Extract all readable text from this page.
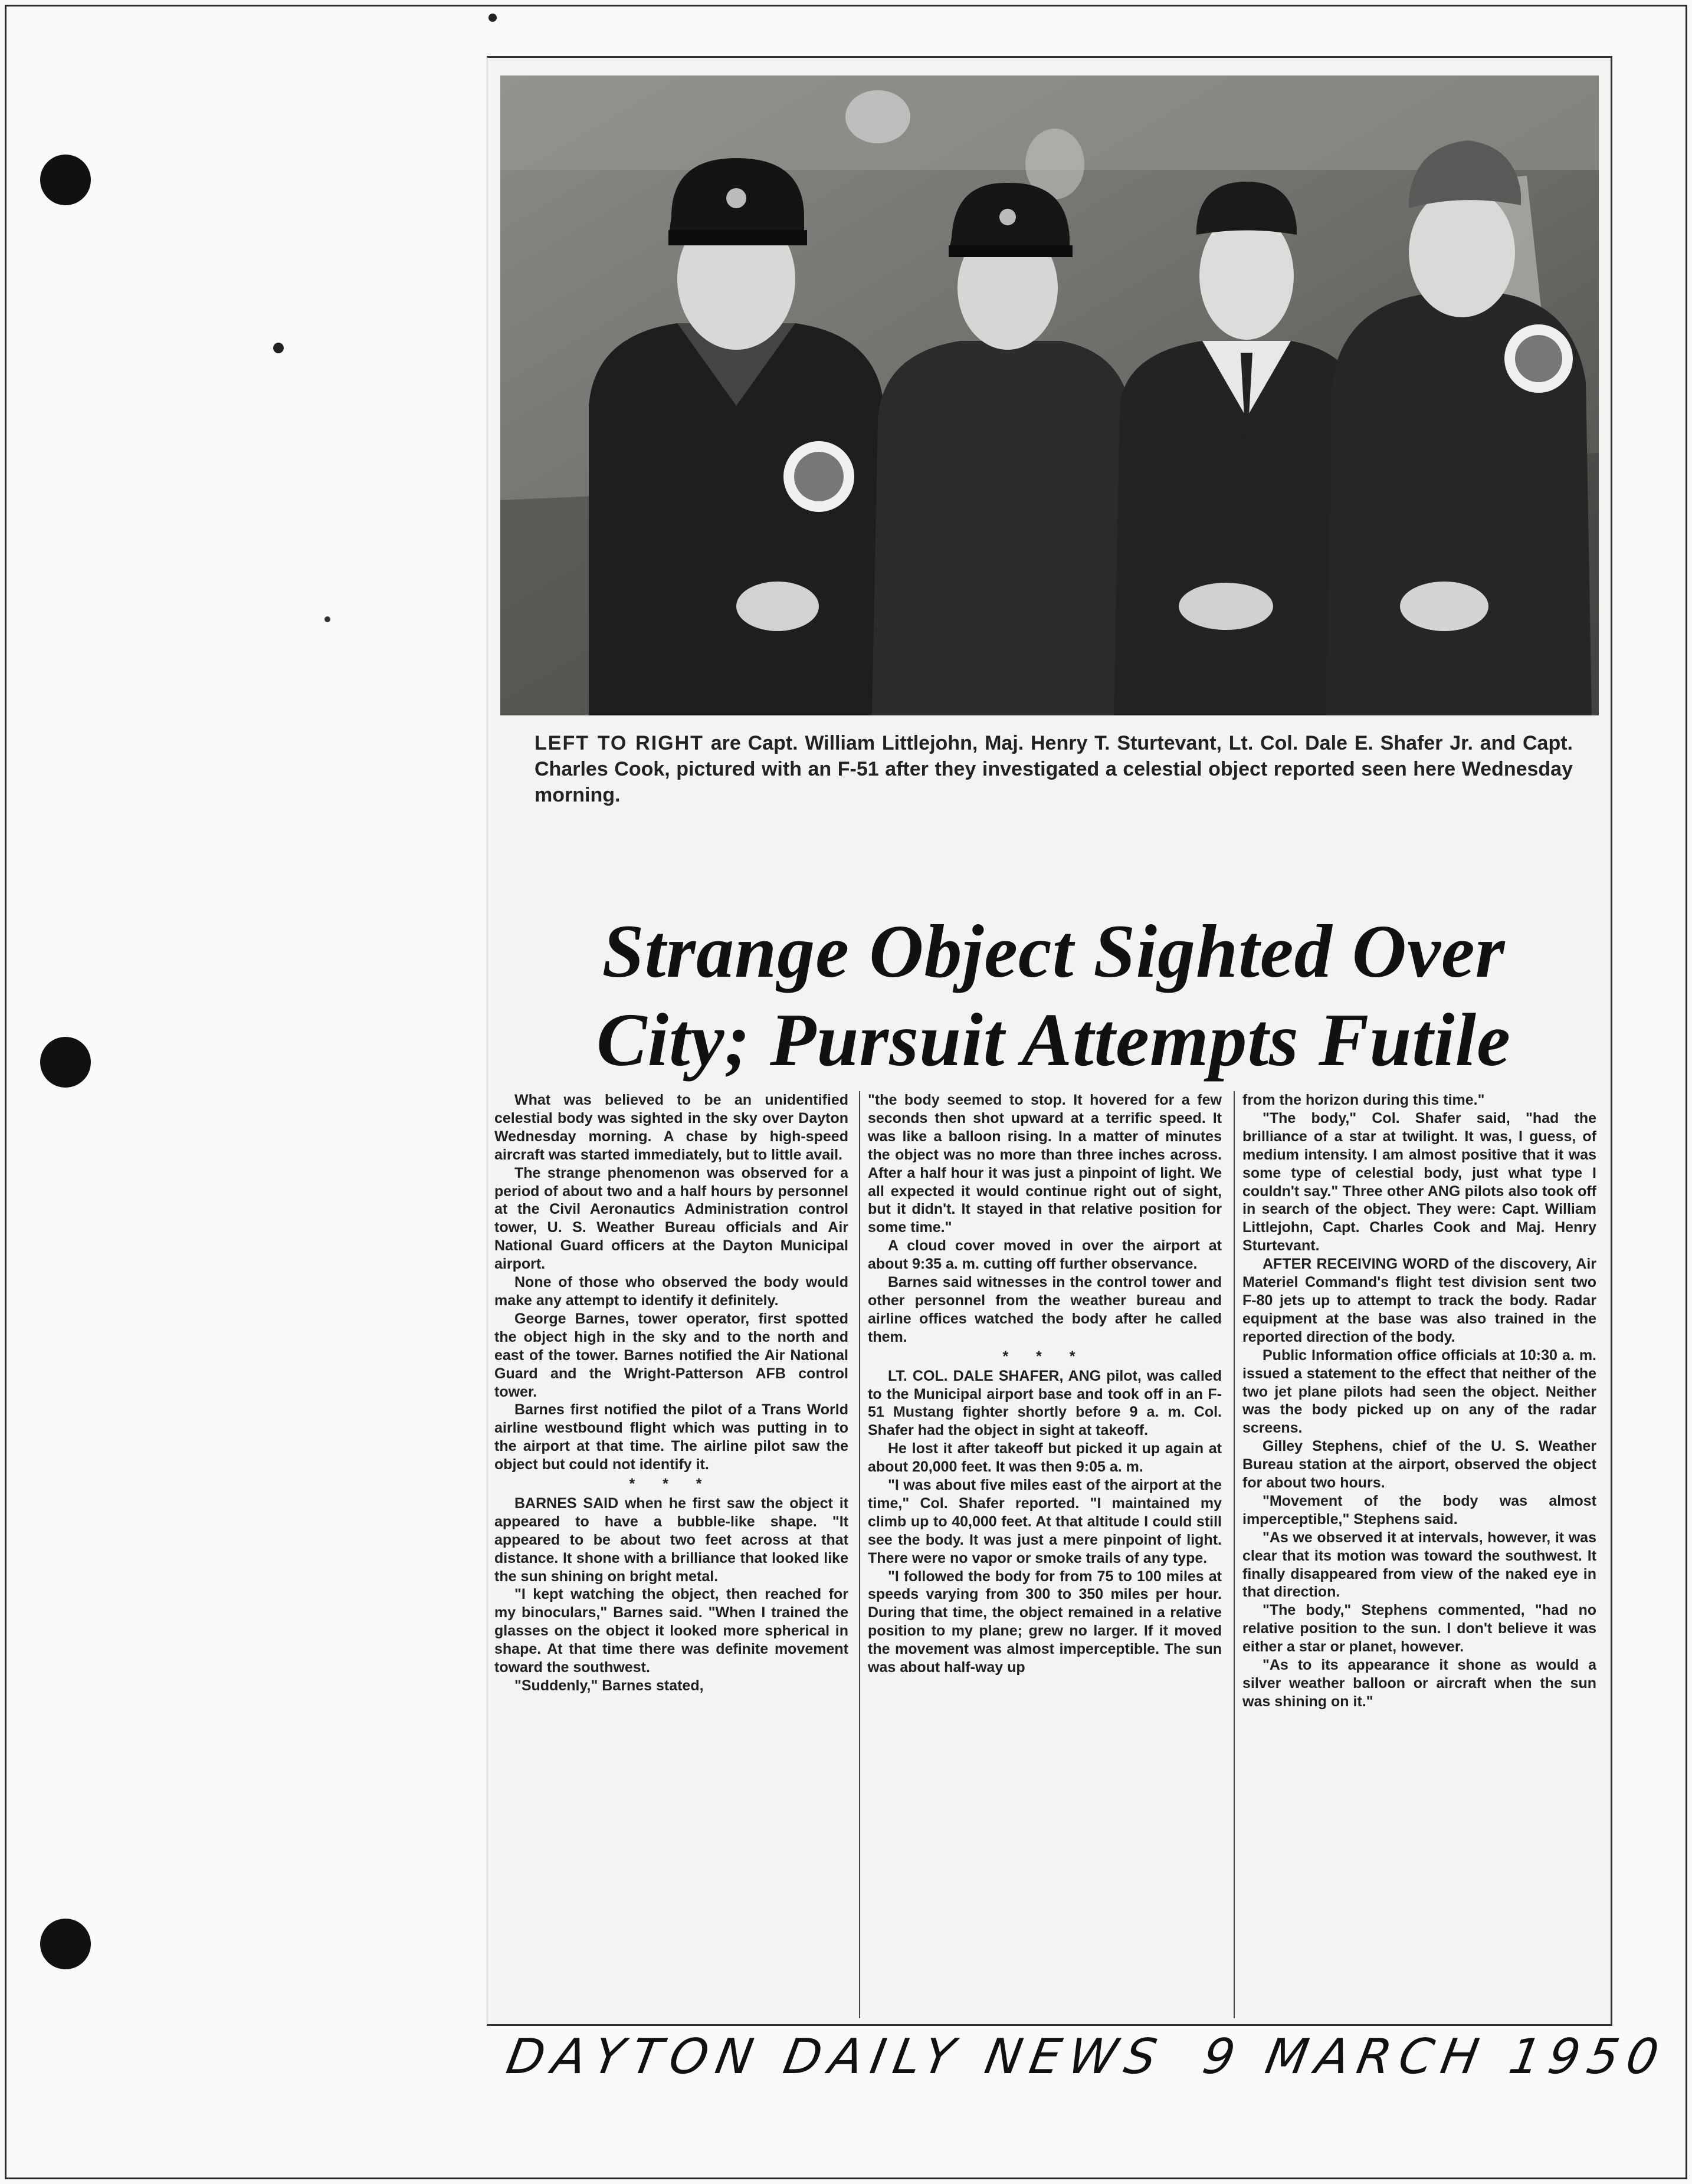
LEFT TO RIGHT are Capt. William Littlejohn, Maj. Henry T. Sturtevant, Lt. Col. Dale E. Shafer Jr. and Capt. Charles Cook, pictured with an F-51 after they investigated a celestial object reported seen here Wednesday morning.
Strange Object Sighted Over
City; Pursuit Attempts Futile

What was believed to be an unidentified celestial body was sighted in the sky over Dayton Wednesday morning. A chase by high-speed aircraft was started immediately, but to little avail.

The strange phenomenon was observed for a period of about two and a half hours by personnel at the Civil Aeronautics Administration control tower, U. S. Weather Bureau officials and Air National Guard officers at the Dayton Municipal airport.

None of those who observed the body would make any attempt to identify it definitely.

George Barnes, tower operator, first spotted the object high in the sky and to the north and east of the tower. Barnes notified the Air National Guard and the Wright-Patterson AFB control tower.

Barnes first notified the pilot of a Trans World airline westbound flight which was putting in to the airport at that time. The airline pilot saw the object but could not identify it.

* * *

BARNES SAID when he first saw the object it appeared to have a bubble-like shape. "It appeared to be about two feet across at that distance. It shone with a brilliance that looked like the sun shining on bright metal.

"I kept watching the object, then reached for my binoculars," Barnes said. "When I trained the glasses on the object it looked more spherical in shape. At that time there was definite movement toward the southwest.

"Suddenly," Barnes stated,

"the body seemed to stop. It hovered for a few seconds then shot upward at a terrific speed. It was like a balloon rising. In a matter of minutes the object was no more than three inches across. After a half hour it was just a pinpoint of light. We all expected it would continue right out of sight, but it didn't. It stayed in that relative position for some time."

A cloud cover moved in over the airport at about 9:35 a. m. cutting off further observance.

Barnes said witnesses in the control tower and other personnel from the weather bureau and airline offices watched the body after he called them.

* * *

LT. COL. DALE SHAFER, ANG pilot, was called to the Municipal airport base and took off in an F-51 Mustang fighter shortly before 9 a. m. Col. Shafer had the object in sight at takeoff.

He lost it after takeoff but picked it up again at about 20,000 feet. It was then 9:05 a. m.

"I was about five miles east of the airport at the time," Col. Shafer reported. "I maintained my climb up to 40,000 feet. At that altitude I could still see the body. It was just a mere pinpoint of light. There were no vapor or smoke trails of any type.

"I followed the body for from 75 to 100 miles at speeds varying from 300 to 350 miles per hour. During that time, the object remained in a relative position to my plane; grew no larger. If it moved the movement was almost imperceptible. The sun was about half-way up

from the horizon during this time."

"The body," Col. Shafer said, "had the brilliance of a star at twilight. It was, I guess, of medium intensity. I am almost positive that it was some type of celestial body, just what type I couldn't say." Three other ANG pilots also took off in search of the object. They were: Capt. William Littlejohn, Capt. Charles Cook and Maj. Henry Sturtevant.

AFTER RECEIVING WORD of the discovery, Air Materiel Command's flight test division sent two F-80 jets up to attempt to track the body. Radar equipment at the base was also trained in the reported direction of the body.

Public Information office officials at 10:30 a. m. issued a statement to the effect that neither of the two jet plane pilots had seen the object. Neither was the body picked up on any of the radar screens.

Gilley Stephens, chief of the U. S. Weather Bureau station at the airport, observed the object for about two hours.

"Movement of the body was almost imperceptible," Stephens said.

"As we observed it at intervals, however, it was clear that its motion was toward the southwest. It finally disappeared from view of the naked eye in that direction.

"The body," Stephens commented, "had no relative position to the sun. I don't believe it was either a star or planet, however.

"As to its appearance it shone as would a silver weather balloon or aircraft when the sun was shining on it."

DAYTON DAILY NEWS 9 MARCH 1950
